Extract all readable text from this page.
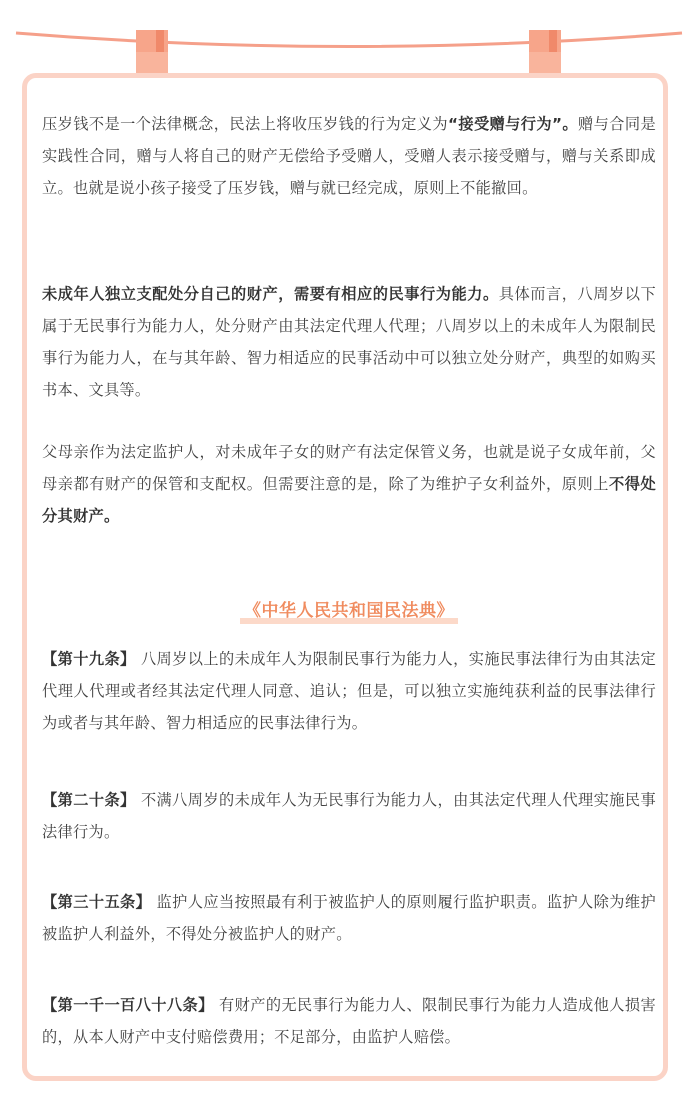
压岁钱不是一个法律概念，民法上将收压岁钱的行为定义为“接受赠与行为”。赠与合同是实践性合同，赠与人将自己的财产无偿给予受赠人，受赠人表示接受赠与，赠与关系即成立。也就是说小孩子接受了压岁钱，赠与就已经完成，原则上不能撤回。

未成年人独立支配处分自己的财产，需要有相应的民事行为能力。具体而言，八周岁以下属于无民事行为能力人，处分财产由其法定代理人代理；八周岁以上的未成年人为限制民事行为能力人，在与其年龄、智力相适应的民事活动中可以独立处分财产，典型的如购买书本、文具等。

父母亲作为法定监护人，对未成年子女的财产有法定保管义务，也就是说子女成年前，父母亲都有财产的保管和支配权。但需要注意的是，除了为维护子女利益外，原则上不得处分其财产。

《中华人民共和国民法典》

【第十九条】 八周岁以上的未成年人为限制民事行为能力人，实施民事法律行为由其法定代理人代理或者经其法定代理人同意、追认；但是，可以独立实施纯获利益的民事法律行为或者与其年龄、智力相适应的民事法律行为。

【第二十条】 不满八周岁的未成年人为无民事行为能力人，由其法定代理人代理实施民事法律行为。

【第三十五条】 监护人应当按照最有利于被监护人的原则履行监护职责。监护人除为维护被监护人利益外，不得处分被监护人的财产。

【第一千一百八十八条】 有财产的无民事行为能力人、限制民事行为能力人造成他人损害的，从本人财产中支付赔偿费用；不足部分，由监护人赔偿。
